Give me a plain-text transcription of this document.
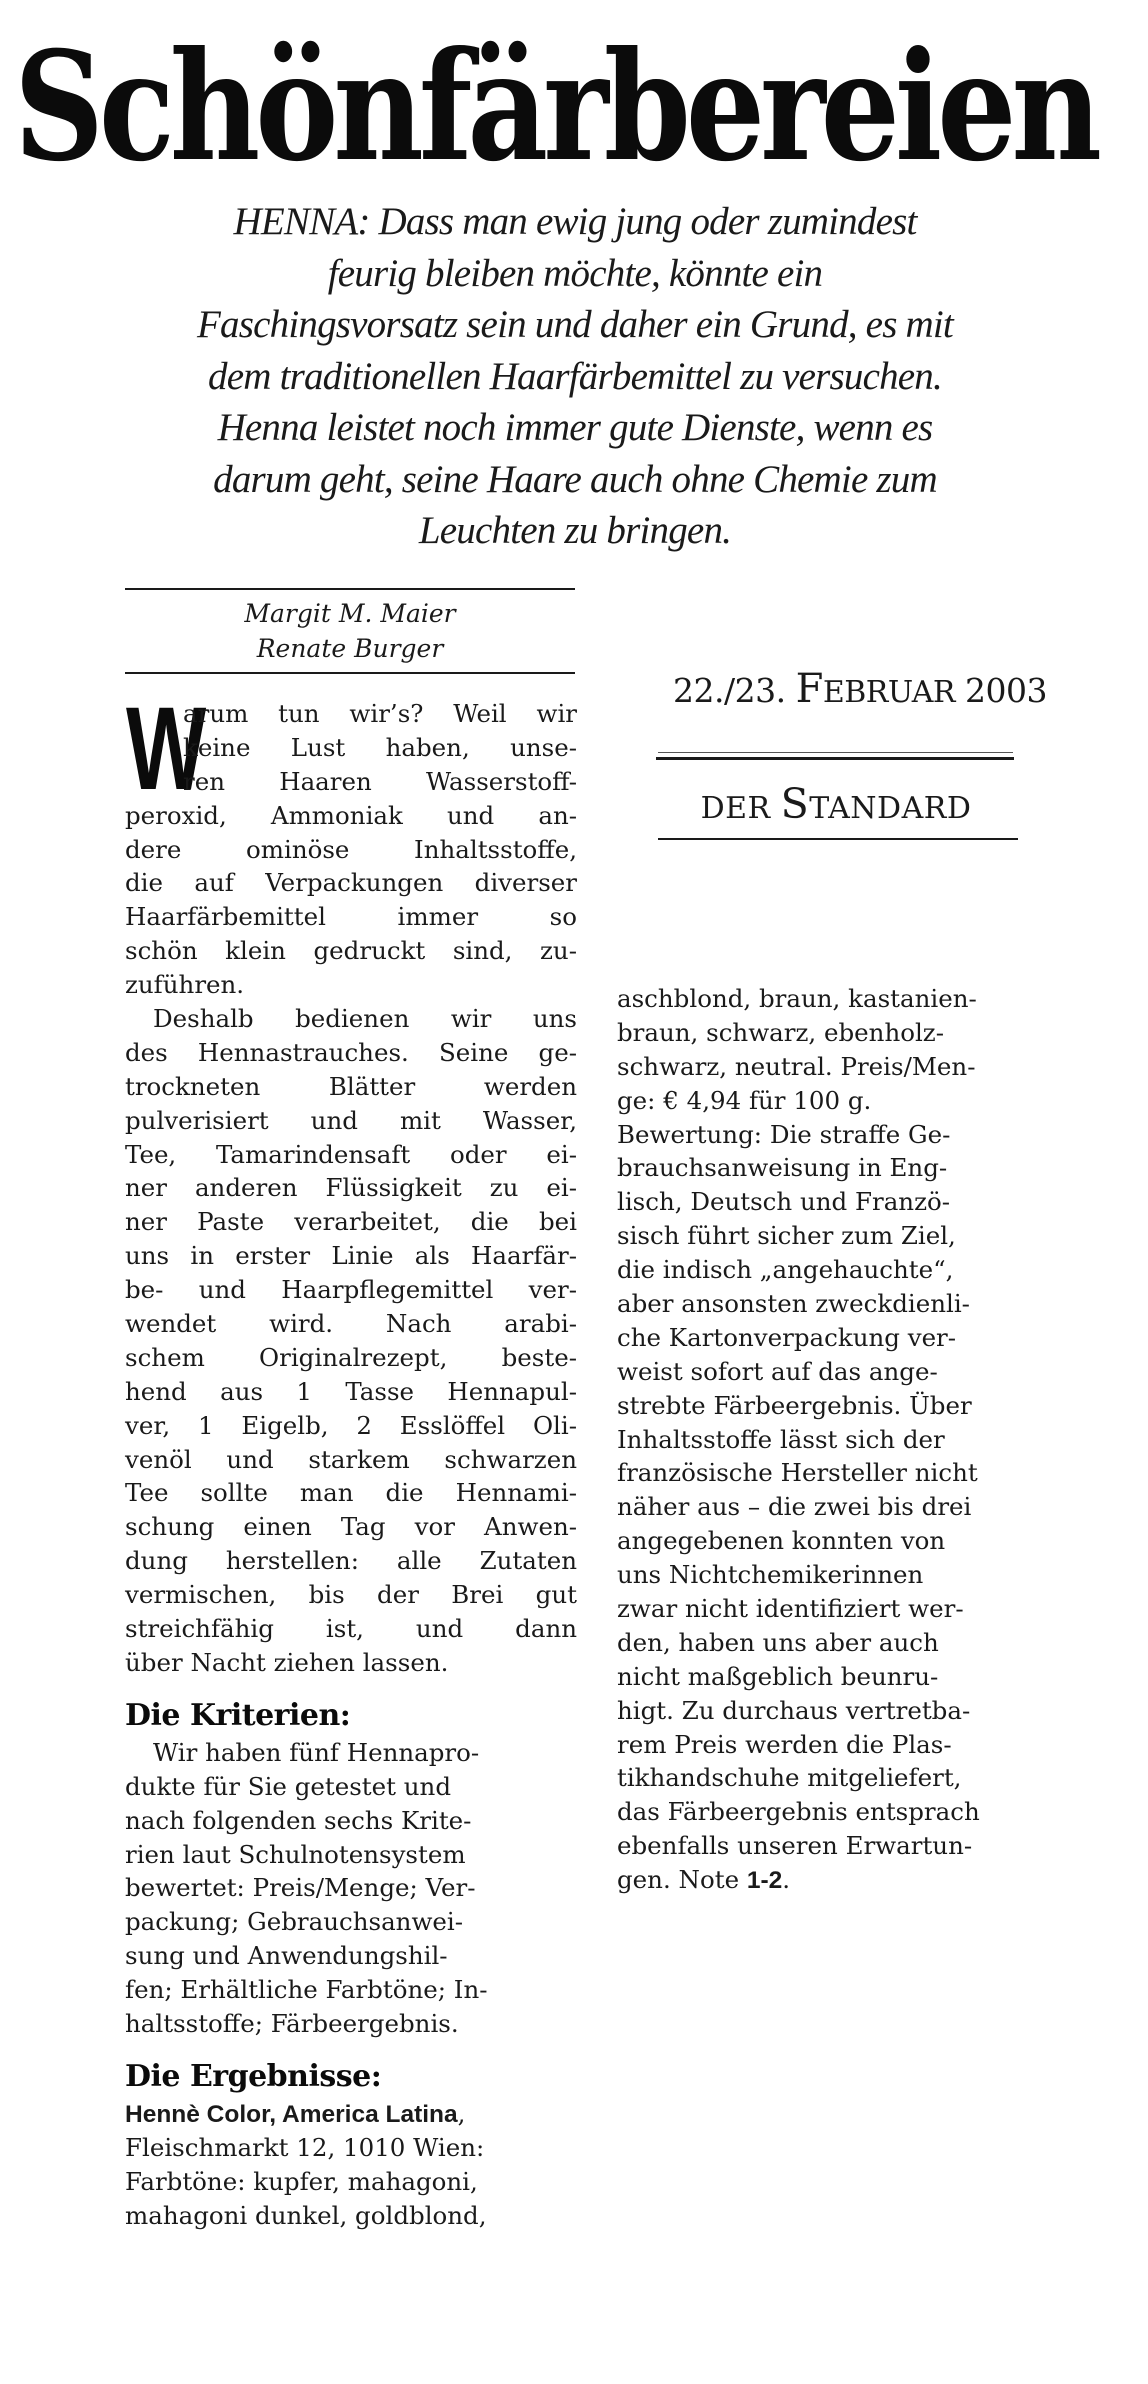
Schönfärbereien
HENNA: Dass man ewig jung oder zumindest
feurig bleiben möchte, könnte ein
Faschingsvorsatz sein und daher ein Grund, es mit
dem traditionellen Haarfärbemittel zu versuchen.
Henna leistet noch immer gute Dienste, wenn es
darum geht, seine Haare auch ohne Chemie zum
Leuchten zu bringen.
Margit M. Maier
Renate Burger
22./23. FEBRUAR 2003
DER STANDARD
W
arum tun wir’s? Weil wir
keine Lust haben, unse-
ren Haaren Wasserstoff-
peroxid, Ammoniak und an-
dere ominöse Inhaltsstoffe,
die auf Verpackungen diverser
Haarfärbemittel immer so
schön klein gedruckt sind, zu-
zuführen.
Deshalb bedienen wir uns
des Hennastrauches. Seine ge-
trockneten Blätter werden
pulverisiert und mit Wasser,
Tee, Tamarindensaft oder ei-
ner anderen Flüssigkeit zu ei-
ner Paste verarbeitet, die bei
uns in erster Linie als Haarfär-
be- und Haarpflegemittel ver-
wendet wird. Nach arabi-
schem Originalrezept, beste-
hend aus 1 Tasse Hennapul-
ver, 1 Eigelb, 2 Esslöffel Oli-
venöl und starkem schwarzen
Tee sollte man die Hennami-
schung einen Tag vor Anwen-
dung herstellen: alle Zutaten
vermischen, bis der Brei gut
streichfähig ist, und dann
über Nacht ziehen lassen.
Die Kriterien:
Wir haben fünf Hennapro-
dukte für Sie getestet und
nach folgenden sechs Krite-
rien laut Schulnotensystem
bewertet: Preis/Menge; Ver-
packung; Gebrauchsanwei-
sung und Anwendungshil-
fen; Erhältliche Farbtöne; In-
haltsstoffe; Färbeergebnis.
Die Ergebnisse:
Hennè Color, America Latina,
Fleischmarkt 12, 1010 Wien:
Farbtöne: kupfer, mahagoni,
mahagoni dunkel, goldblond,
aschblond, braun, kastanien-
braun, schwarz, ebenholz-
schwarz, neutral. Preis/Men-
ge: € 4,94 für 100 g.
Bewertung: Die straffe Ge-
brauchsanweisung in Eng-
lisch, Deutsch und Franzö-
sisch führt sicher zum Ziel,
die indisch „angehauchte“,
aber ansonsten zweckdienli-
che Kartonverpackung ver-
weist sofort auf das ange-
strebte Färbeergebnis. Über
Inhaltsstoffe lässt sich der
französische Hersteller nicht
näher aus – die zwei bis drei
angegebenen konnten von
uns Nichtchemikerinnen
zwar nicht identifiziert wer-
den, haben uns aber auch
nicht maßgeblich beunru-
higt. Zu durchaus vertretba-
rem Preis werden die Plas-
tikhandschuhe mitgeliefert,
das Färbeergebnis entsprach
ebenfalls unseren Erwartun-
gen. Note 1-2.
